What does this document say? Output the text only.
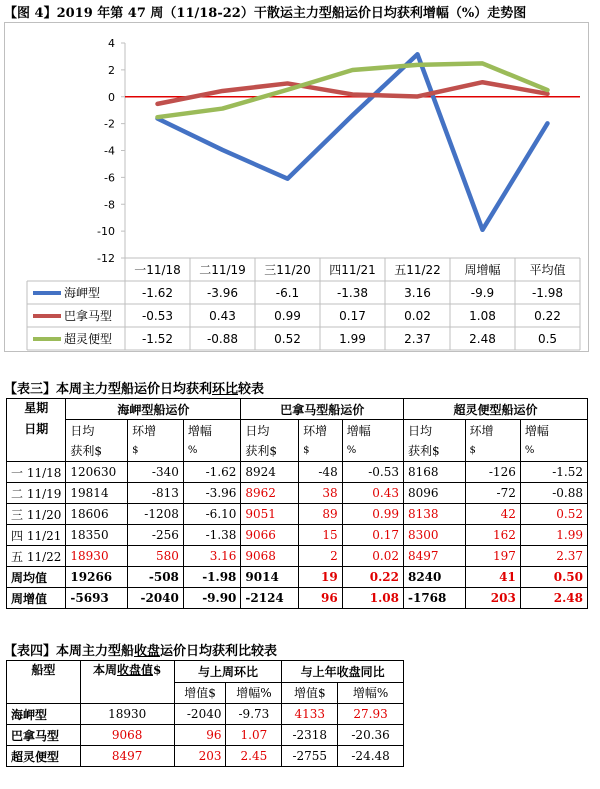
【图 4】2019 年第 47 周（11/18-22）干散运主力型船运价日均获利增幅（%）走势图
4
2
0
-2
-4
-6
-8
-10
-12
一11/18 二11/19 三11/20 四11/21 五11/22 周增幅 平均值
海岬型	-1.62	-3.96	-6.1	-1.38	3.16	-9.9	-1.98
巴拿马型 -0.53	0.43	0.99	0.17	0.02	1.08	0.22
超灵便型 -1.52	-0.88	0.52	1.99	2.37	2.48	0.5
【表三】本周主力型船运价日均获利环比较表
星期
日期	海岬型船运价			巴拿马型船运价			超灵便型船运价		
	日均	环增	增幅	日均	环增	增幅	日均	环增	增幅
	获利$	$	%	获利$	$	%	获利$	$	%
一 11/18	120630	-340	-1.62	8924	-48	-0.53	8168	-126	-1.52
二 11/19	19814	-813	-3.96	8962	38	0.43	8096	-72	-0.88
三 11/20	18606	-1208	-6.10	9051	89	0.99	8138	42	0.52
四 11/21	18350	-256	-1.38	9066	15	0.17	8300	162	1.99
五 11/22	18930	580	3.16	9068	2	0.02	8497	197	2.37
周均值	19266	-508	-1.98	9014	19	0.22	8240	41	0.50
周增值	-5693	-2040	-9.90	-2124	96	1.08	-1768	203	2.48
【表四】本周主力型船收盘运价日均获利比较表
船型	本周收盘值$	与上周环比		与上年收盘同比	
		增值$	增幅%	增值$	增幅%
海岬型	18930	-2040	-9.73	4133	27.93
巴拿马型	9068	96	1.07	-2318	-20.36
超灵便型	8497	203	2.45	-2755	-24.48
